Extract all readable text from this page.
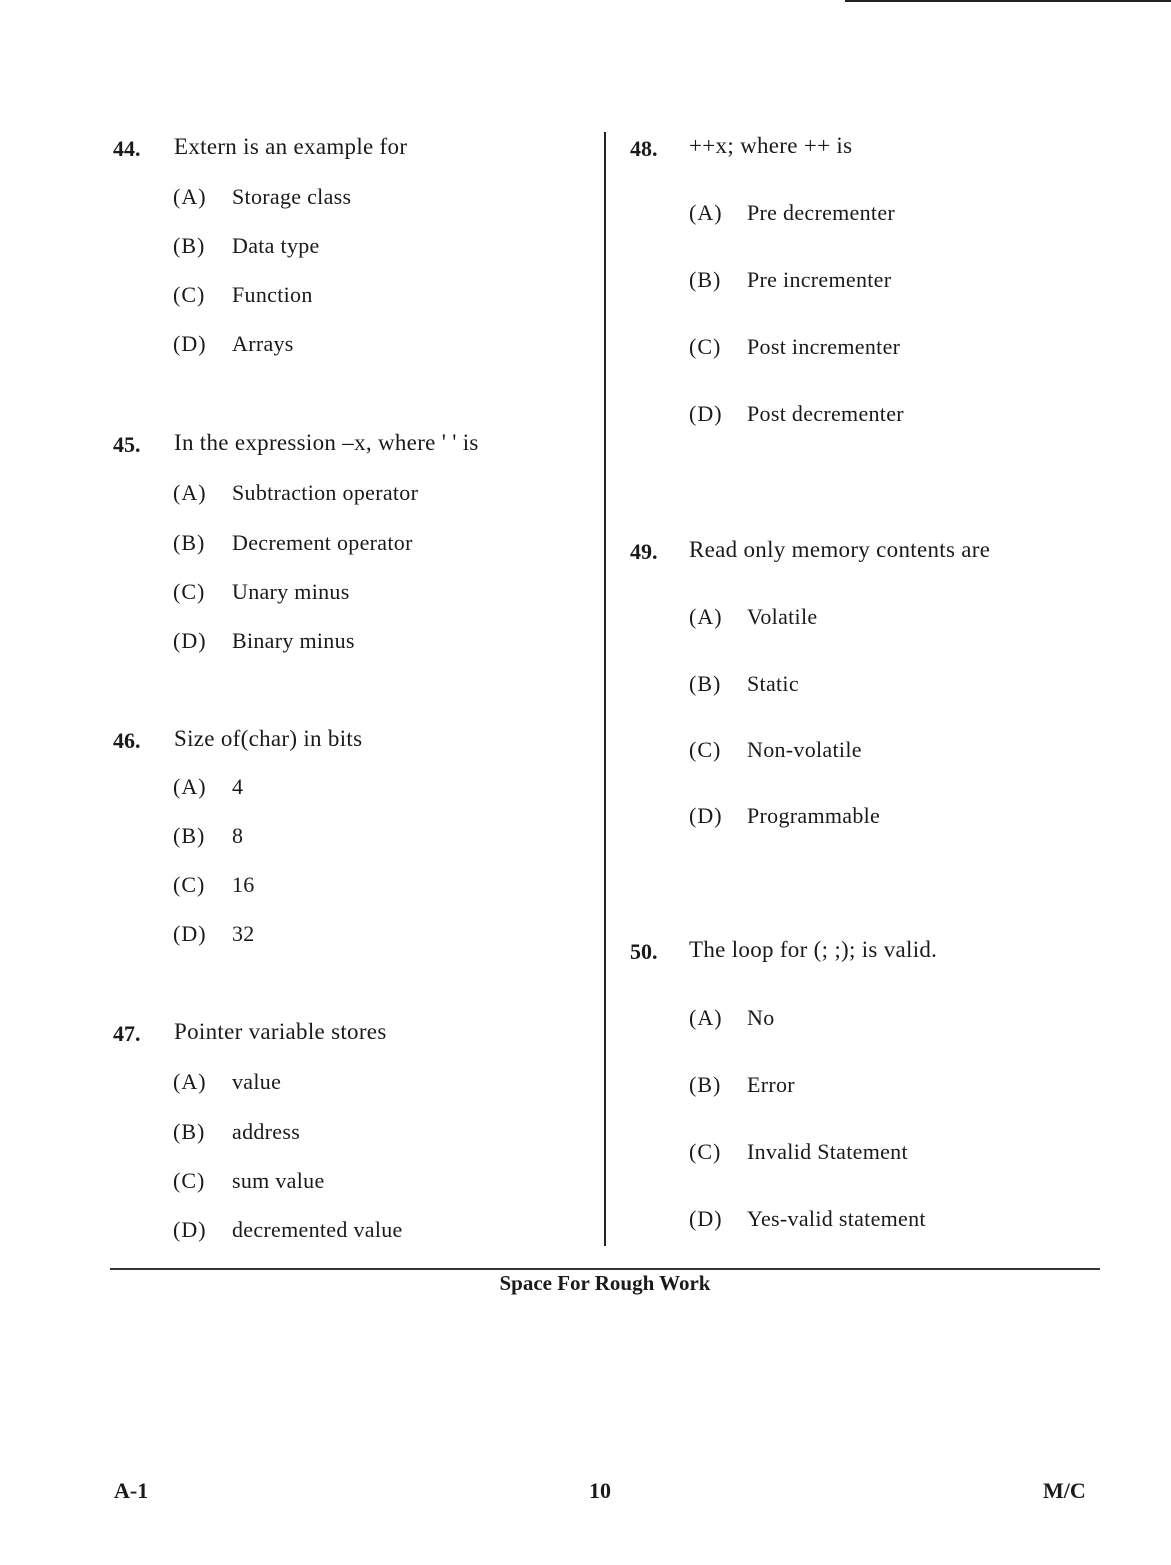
44. Extern is an example for
(A) Storage class
(B) Data type
(C) Function
(D) Arrays
45. In the expression –x, where ' ' is
(A) Subtraction operator
(B) Decrement operator
(C) Unary minus
(D) Binary minus
46. Size of(char) in bits
(A) 4
(B) 8
(C) 16
(D) 32
47. Pointer variable stores
(A) value
(B) address
(C) sum value
(D) decremented value
48. ++x; where ++ is
(A) Pre decrementer
(B) Pre incrementer
(C) Post incrementer
(D) Post decrementer
49. Read only memory contents are
(A) Volatile
(B) Static
(C) Non-volatile
(D) Programmable
50. The loop for (; ;); is valid.
(A) No
(B) Error
(C) Invalid Statement
(D) Yes-valid statement
Space For Rough Work
A-1	10	M/C
